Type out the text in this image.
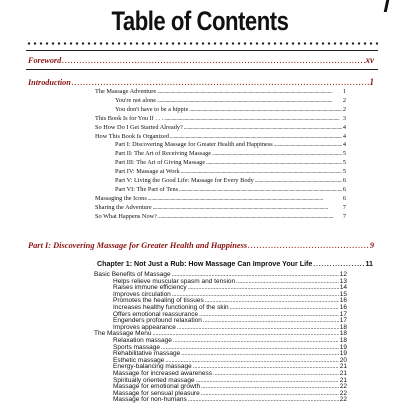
Table of Contents
Foreword . . .	xv
Introduction . . .	1
The Massage Adventure . . .	1
You're not alone . . .	2
You don't have to be a hippie . . .	2
This Book Is for You If . . . . . .	3
So How Do I Get Started Already? . . .	4
How This Book Is Organized . . .	4
Part I: Discovering Massage for Greater Health and Happiness . . .	4
Part II: The Art of Receiving Massage . . .	5
Part III: The Art of Giving Massage . . .	5
Part IV: Massage at Work . . .	5
Part V: Living the Good Life: Massage for Every Body . . .	6
Part VI: The Part of Tens . . .	6
Massaging the Icons . . .	6
Sharing the Adventure . . .	7
So What Happens Now? . . .	7
Part I: Discovering Massage for Greater Health and Happiness . . .	9
Chapter 1: Not Just a Rub: How Massage Can Improve Your Life . . .	11
Basic Benefits of Massage . . .	12
Helps relieve muscular spasm and tension . . .	13
Raises immune efficiency . . .	14
Improves circulation . . .	15
Promotes the healing of tissues . . .	16
Increases healthy functioning of the skin . . .	16
Offers emotional reassurance . . .	17
Engenders profound relaxation . . .	17
Improves appearance . . .	18
The Massage Menu . . .	18
Relaxation massage . . .	18
Sports massage . . .	19
Rehabilitative massage . . .	19
Esthetic massage . . .	20
Energy-balancing massage . . .	21
Massage for increased awareness . . .	21
Spiritually oriented massage . . .	21
Massage for emotional growth . . .	22
Massage for sensual pleasure . . .	22
Massage for non-humans . . .	22
